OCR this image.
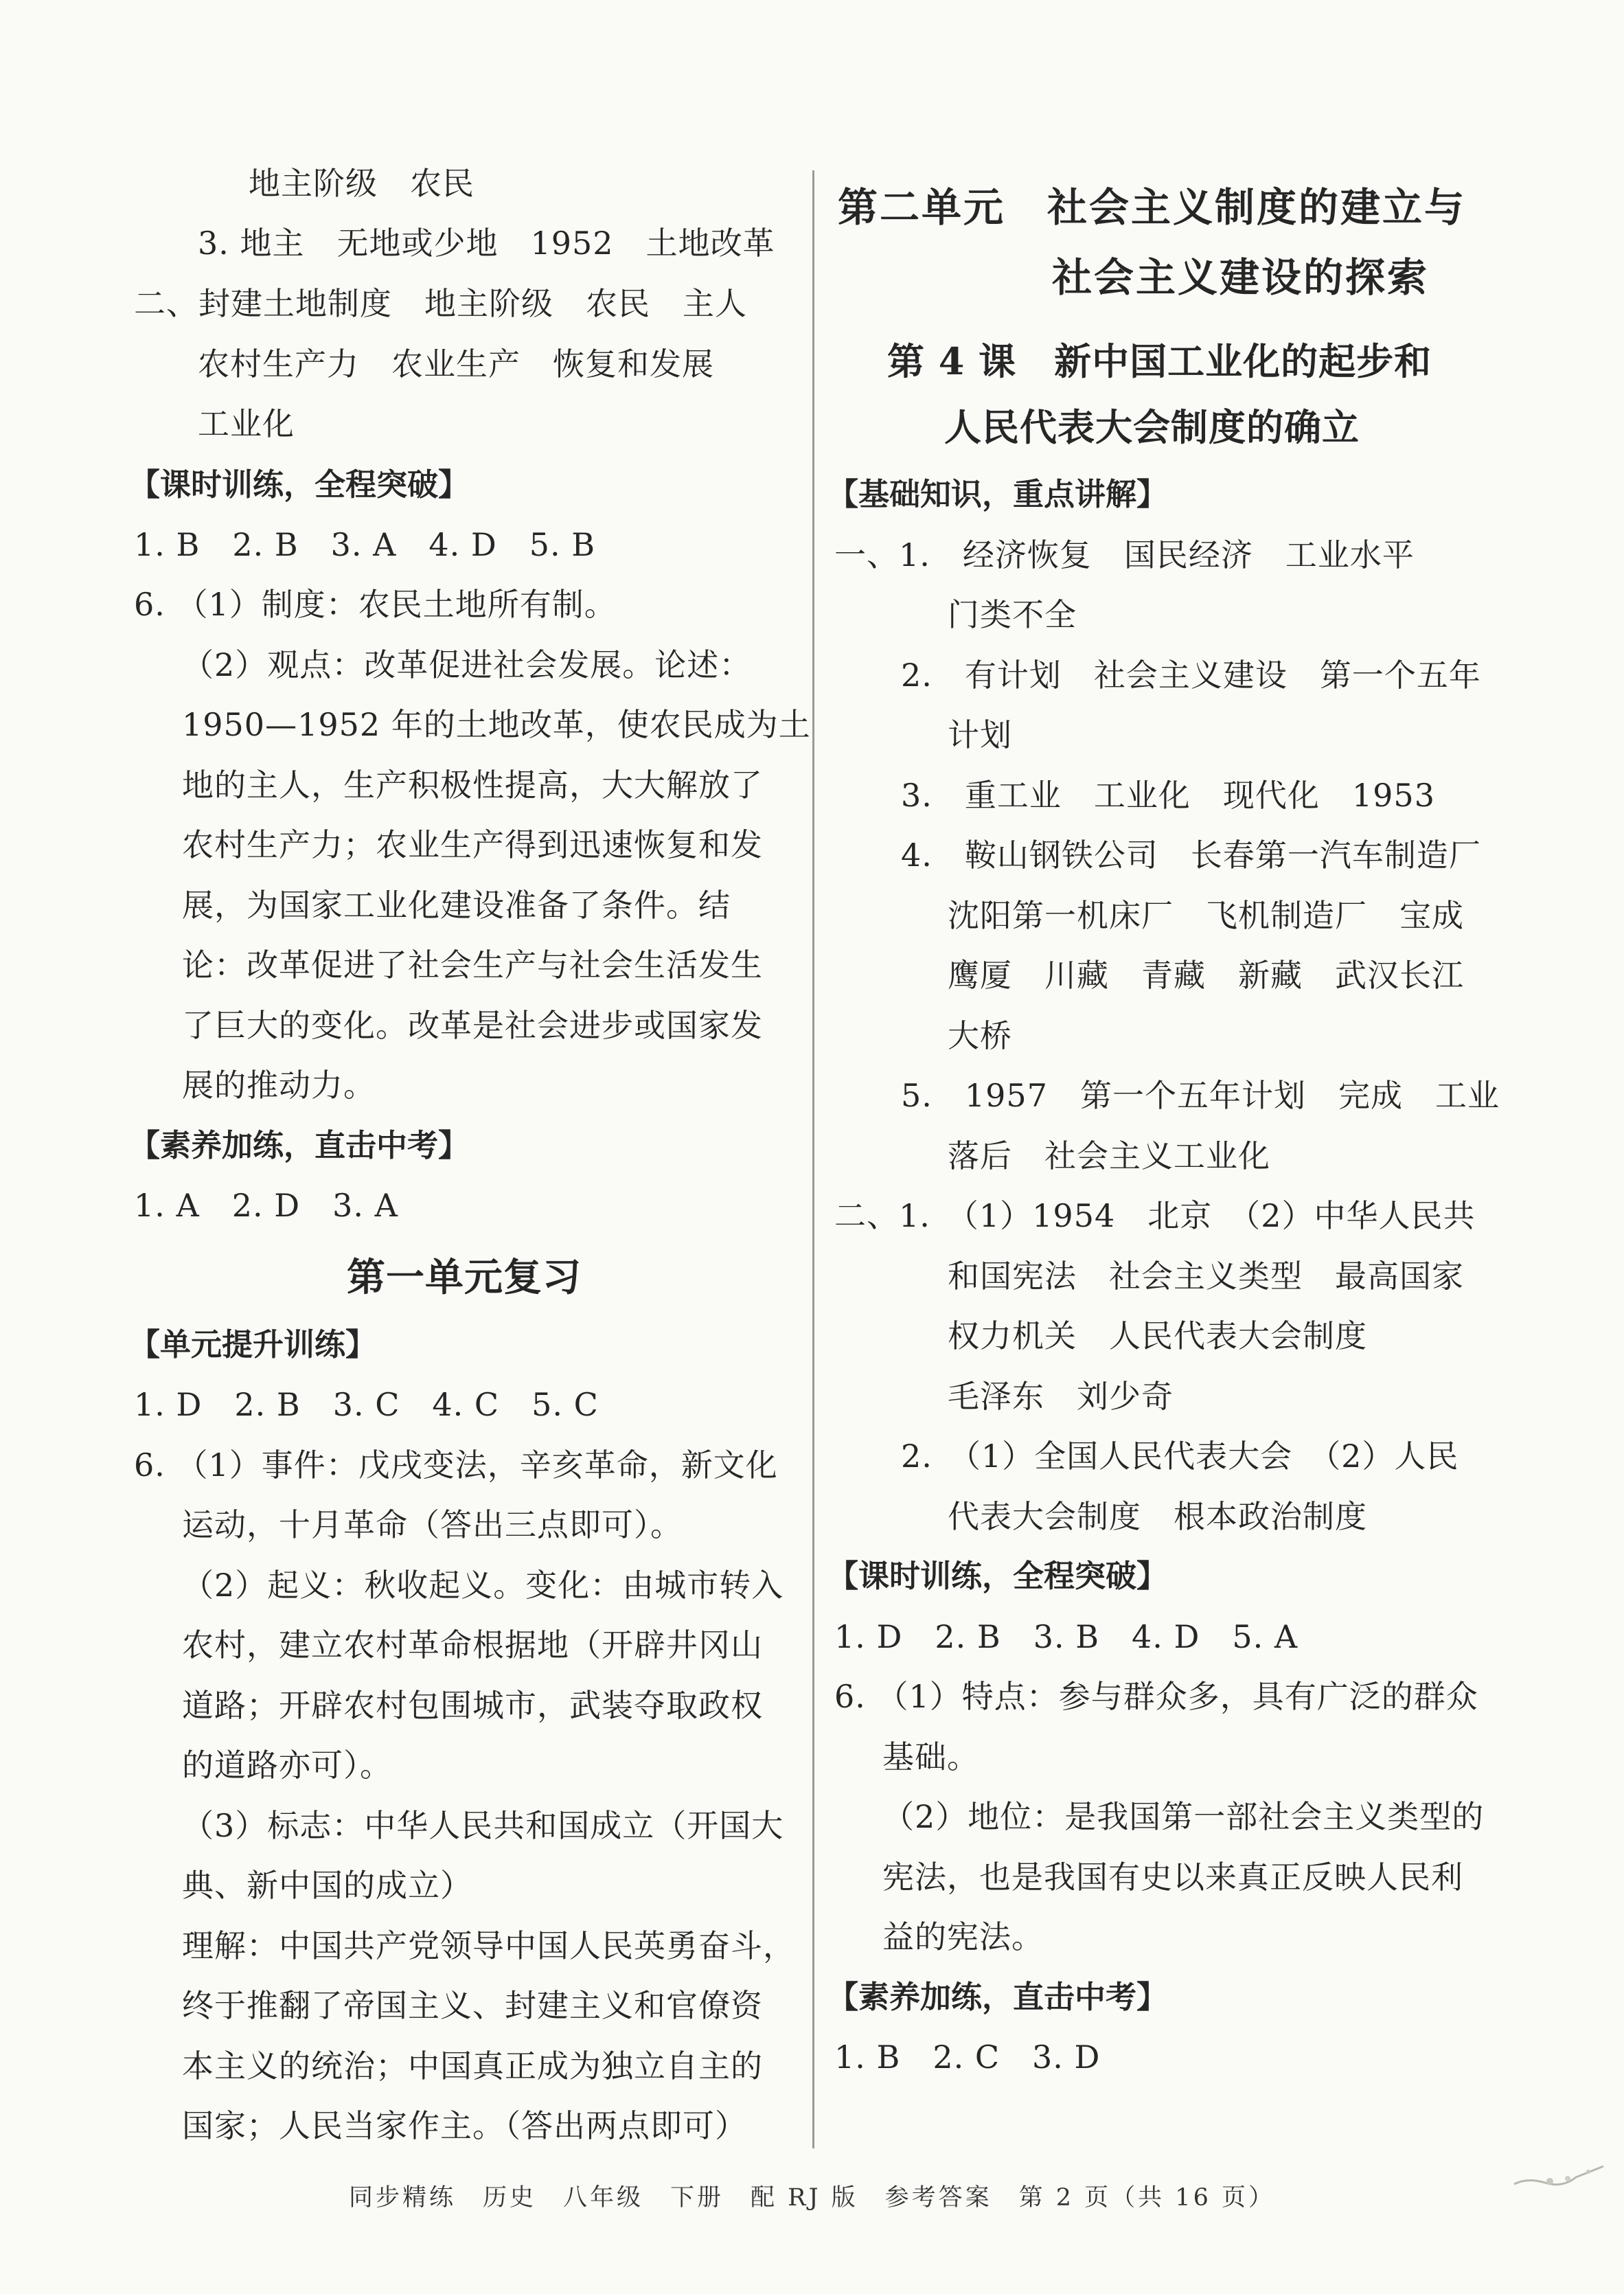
地主阶级　农民
3. 地主　无地或少地　1952　土地改革
二、封建土地制度　地主阶级　农民　主人
农村生产力　农业生产　恢复和发展
工业化
【课时训练，全程突破】
1. B　2. B　3. A　4. D　5. B
6. （1）制度：农民土地所有制。
（2）观点：改革促进社会发展。论述：
1950—1952 年的土地改革，使农民成为土
地的主人，生产积极性提高，大大解放了
农村生产力；农业生产得到迅速恢复和发
展，为国家工业化建设准备了条件。结
论：改革促进了社会生产与社会生活发生
了巨大的变化。改革是社会进步或国家发
展的推动力。
【素养加练，直击中考】
1. A　2. D　3. A
第一单元复习
【单元提升训练】
1. D　2. B　3. C　4. C　5. C
6. （1）事件：戊戌变法，辛亥革命，新文化
运动，十月革命（答出三点即可）。
（2）起义：秋收起义。变化：由城市转入
农村，建立农村革命根据地（开辟井冈山
道路；开辟农村包围城市，武装夺取政权
的道路亦可）。
（3）标志：中华人民共和国成立（开国大
典、新中国的成立）
理解：中国共产党领导中国人民英勇奋斗，
终于推翻了帝国主义、封建主义和官僚资
本主义的统治；中国真正成为独立自主的
国家；人民当家作主。（答出两点即可）
第二单元　社会主义制度的建立与
社会主义建设的探索
第 4 课　新中国工业化的起步和
人民代表大会制度的确立
【基础知识，重点讲解】
一、1.　经济恢复　国民经济　工业水平
门类不全
2.　有计划　社会主义建设　第一个五年
计划
3.　重工业　工业化　现代化　1953
4.　鞍山钢铁公司　长春第一汽车制造厂
沈阳第一机床厂　飞机制造厂　宝成
鹰厦　川藏　青藏　新藏　武汉长江
大桥
5.　1957　第一个五年计划　完成　工业
落后　社会主义工业化
二、1.　（1）1954　北京　（2）中华人民共
和国宪法　社会主义类型　最高国家
权力机关　人民代表大会制度
毛泽东　刘少奇
2.　（1）全国人民代表大会　（2）人民
代表大会制度　根本政治制度
【课时训练，全程突破】
1. D　2. B　3. B　4. D　5. A
6. （1）特点：参与群众多，具有广泛的群众
基础。
（2）地位：是我国第一部社会主义类型的
宪法，也是我国有史以来真正反映人民利
益的宪法。
【素养加练，直击中考】
1. B　2. C　3. D
同步精练　历史　八年级　下册　配 RJ 版　参考答案　第 2 页（共 16 页）
